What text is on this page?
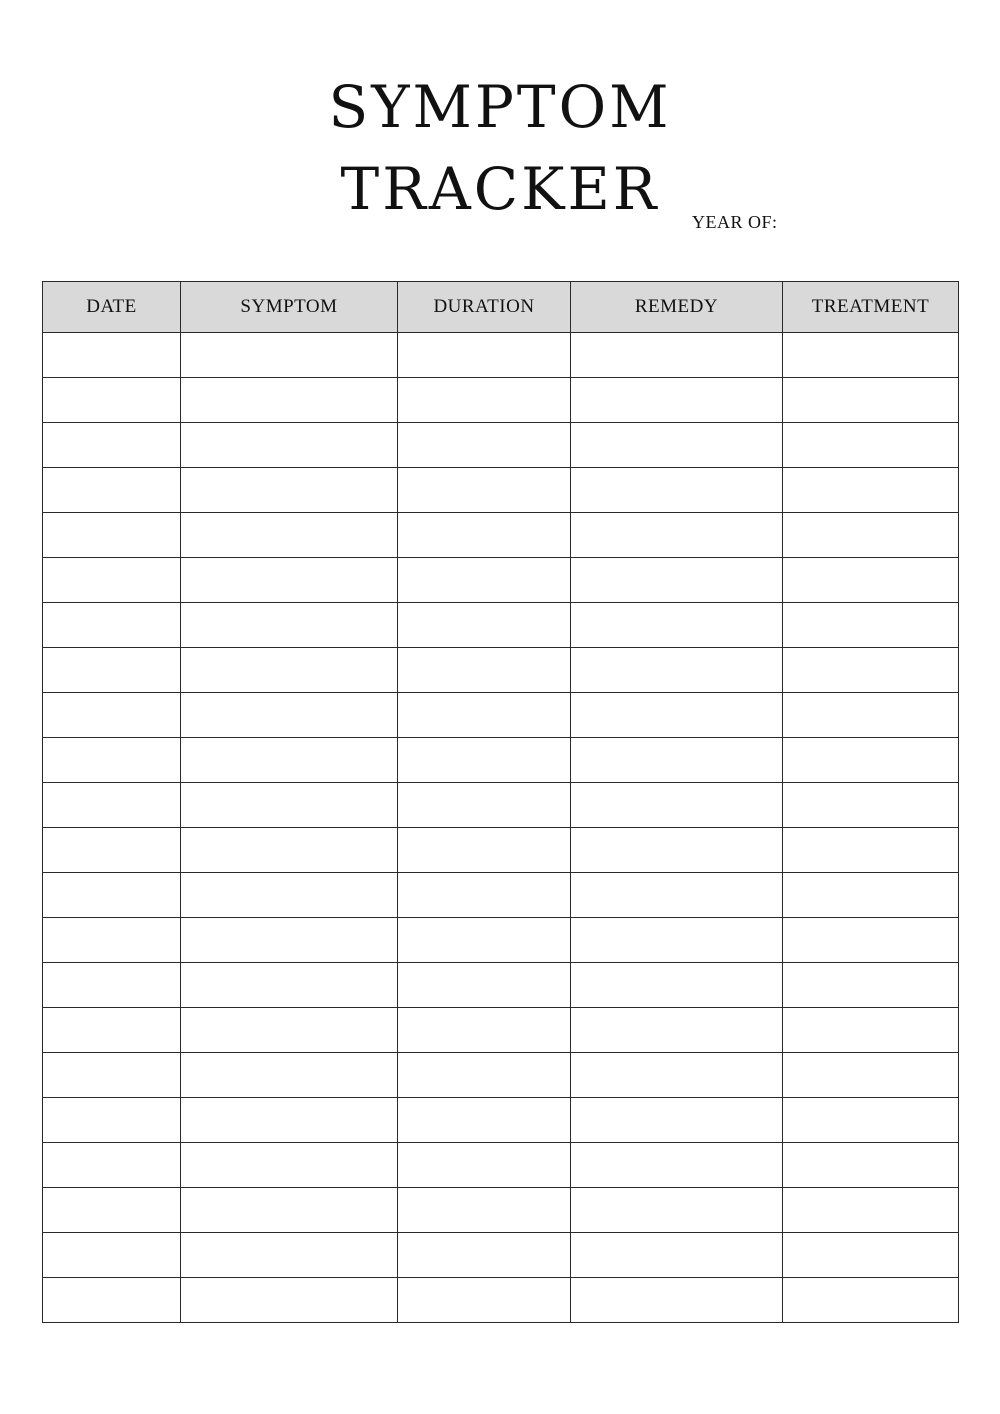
SYMPTOM
TRACKER	YEAR OF:
DATE	SYMPTOM	DURATION	REMEDY	TREATMENT
